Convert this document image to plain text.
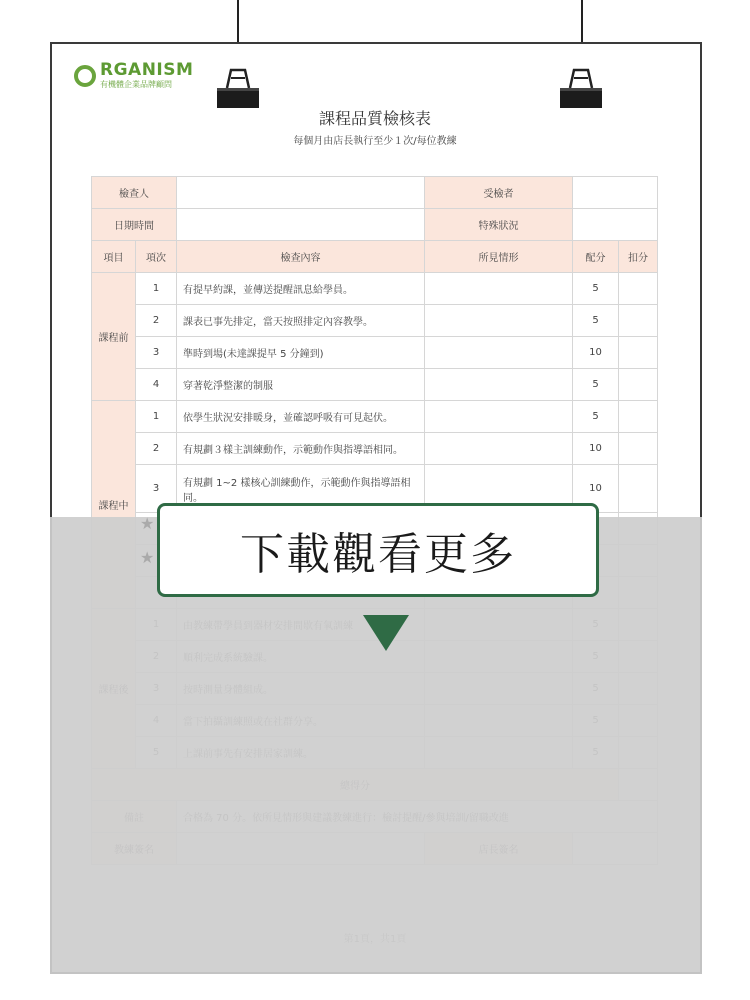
RGANISM
有機體企業品牌顧問
課程品質檢核表
每個月由店長執行至少１次/每位教練
檢查人			受檢者		
日期時間			特殊狀況		
項目	項次	檢查內容	所見情形	配分	扣分
課程前	1	有提早約課，並傳送提醒訊息給學員。		5	
	2	課表已事先排定，當天按照排定內容教學。		5	
	3	準時到場(未達課提早 5 分鐘到)		10	
	4	穿著乾淨整潔的制服		5	
課程中	1	依學生狀況安排暖身，並確認呼吸有可見起伏。		5	
	2	有規劃３樣主訓練動作，示範動作與指導語相同。		10	
	3	有規劃 1~2 樣核心訓練動作，示範動作與指導語相同。		10	

★
★ 下載觀看更多
